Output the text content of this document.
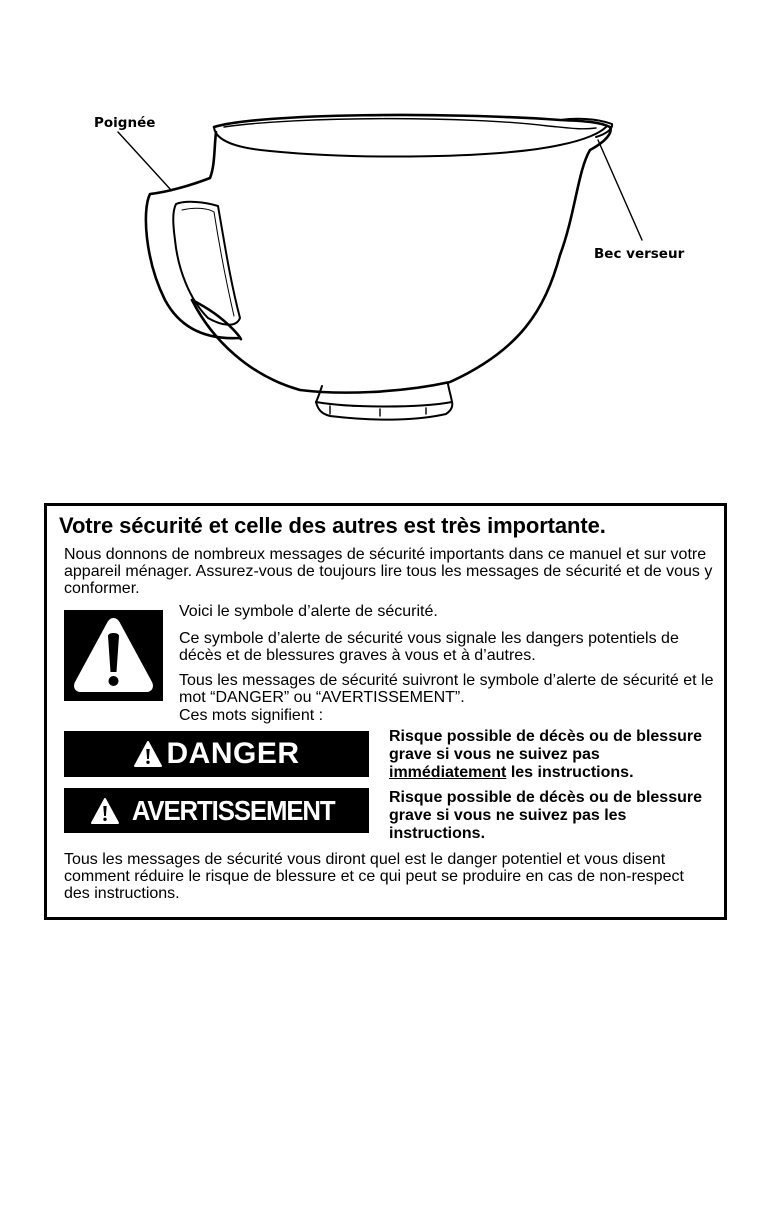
Poignée
Bec verseur
Votre sécurité et celle des autres est très importante.

Nous donnons de nombreux messages de sécurité importants dans ce manuel et sur votre appareil ménager. Assurez-vous de toujours lire tous les messages de sécurité et de vous y conformer.

Voici le symbole d’alerte de sécurité.

Ce symbole d’alerte de sécurité vous signale les dangers potentiels de décès et de blessures graves à vous et à d’autres.

Tous les messages de sécurité suivront le symbole d’alerte de sécurité et le mot “DANGER” ou “AVERTISSEMENT”.

Ces mots signifient :

DANGER

Risque possible de décès ou de blessure grave si vous ne suivez pas immédiatement les instructions.

AVERTISSEMENT	Risque possible de décès ou de blessure grave si vous ne suivez pas les instructions.

Tous les messages de sécurité vous diront quel est le danger potentiel et vous disent comment réduire le risque de blessure et ce qui peut se produire en cas de non-respect des instructions.
